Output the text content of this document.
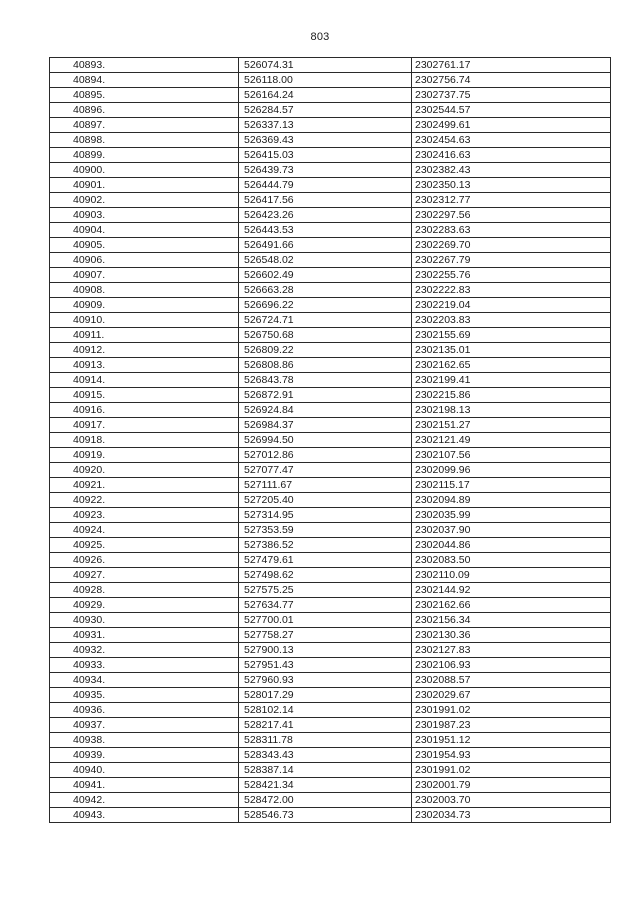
803
40893.	526074.31	2302761.17
40894.	526118.00	2302756.74
40895.	526164.24	2302737.75
40896.	526284.57	2302544.57
40897.	526337.13	2302499.61
40898.	526369.43	2302454.63
40899.	526415.03	2302416.63
40900.	526439.73	2302382.43
40901.	526444.79	2302350.13
40902.	526417.56	2302312.77
40903.	526423.26	2302297.56
40904.	526443.53	2302283.63
40905.	526491.66	2302269.70
40906.	526548.02	2302267.79
40907.	526602.49	2302255.76
40908.	526663.28	2302222.83
40909.	526696.22	2302219.04
40910.	526724.71	2302203.83
40911.	526750.68	2302155.69
40912.	526809.22	2302135.01
40913.	526808.86	2302162.65
40914.	526843.78	2302199.41
40915.	526872.91	2302215.86
40916.	526924.84	2302198.13
40917.	526984.37	2302151.27
40918.	526994.50	2302121.49
40919.	527012.86	2302107.56
40920.	527077.47	2302099.96
40921.	527111.67	2302115.17
40922.	527205.40	2302094.89
40923.	527314.95	2302035.99
40924.	527353.59	2302037.90
40925.	527386.52	2302044.86
40926.	527479.61	2302083.50
40927.	527498.62	2302110.09
40928.	527575.25	2302144.92
40929.	527634.77	2302162.66
40930.	527700.01	2302156.34
40931.	527758.27	2302130.36
40932.	527900.13	2302127.83
40933.	527951.43	2302106.93
40934.	527960.93	2302088.57
40935.	528017.29	2302029.67
40936.	528102.14	2301991.02
40937.	528217.41	2301987.23
40938.	528311.78	2301951.12
40939.	528343.43	2301954.93
40940.	528387.14	2301991.02
40941.	528421.34	2302001.79
40942.	528472.00	2302003.70
40943.	528546.73	2302034.73
